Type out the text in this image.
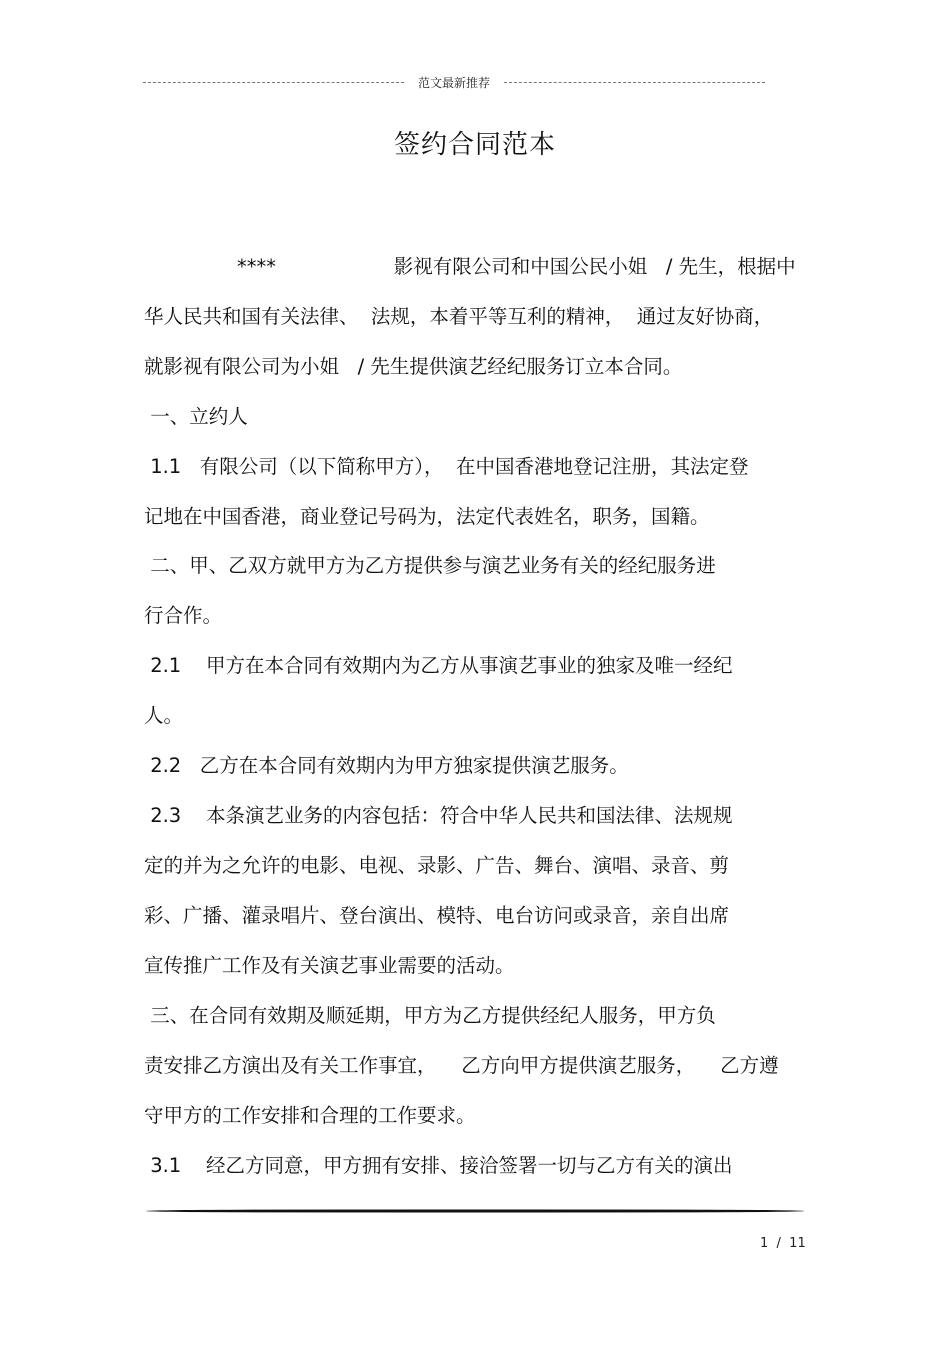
范文最新推荐
签约合同范本
****                   影视有限公司和中国公民小姐   / 先生，根据中
华人民共和国有关法律、  法规，本着平等互利的精神，  通过友好协商，
就影视有限公司为小姐   / 先生提供演艺经纪服务订立本合同。
一、立约人
1.1   有限公司（以下简称甲方），  在中国香港地登记注册，其法定登
记地在中国香港，商业登记号码为，法定代表姓名，职务，国籍。
二、甲、乙双方就甲方为乙方提供参与演艺业务有关的经纪服务进
行合作。
2.1    甲方在本合同有效期内为乙方从事演艺事业的独家及唯一经纪
人。
2.2   乙方在本合同有效期内为甲方独家提供演艺服务。
2.3    本条演艺业务的内容包括：符合中华人民共和国法律、法规规
定的并为之允许的电影、电视、录影、广告、舞台、演唱、录音、剪
彩、广播、灌录唱片、登台演出、模特、电台访问或录音，亲自出席
宣传推广工作及有关演艺事业需要的活动。
三、在合同有效期及顺延期，甲方为乙方提供经纪人服务，甲方负
责安排乙方演出及有关工作事宜，    乙方向甲方提供演艺服务，    乙方遵
守甲方的工作安排和合理的工作要求。
3.1    经乙方同意，甲方拥有安排、接洽签署一切与乙方有关的演出
1  /  11
